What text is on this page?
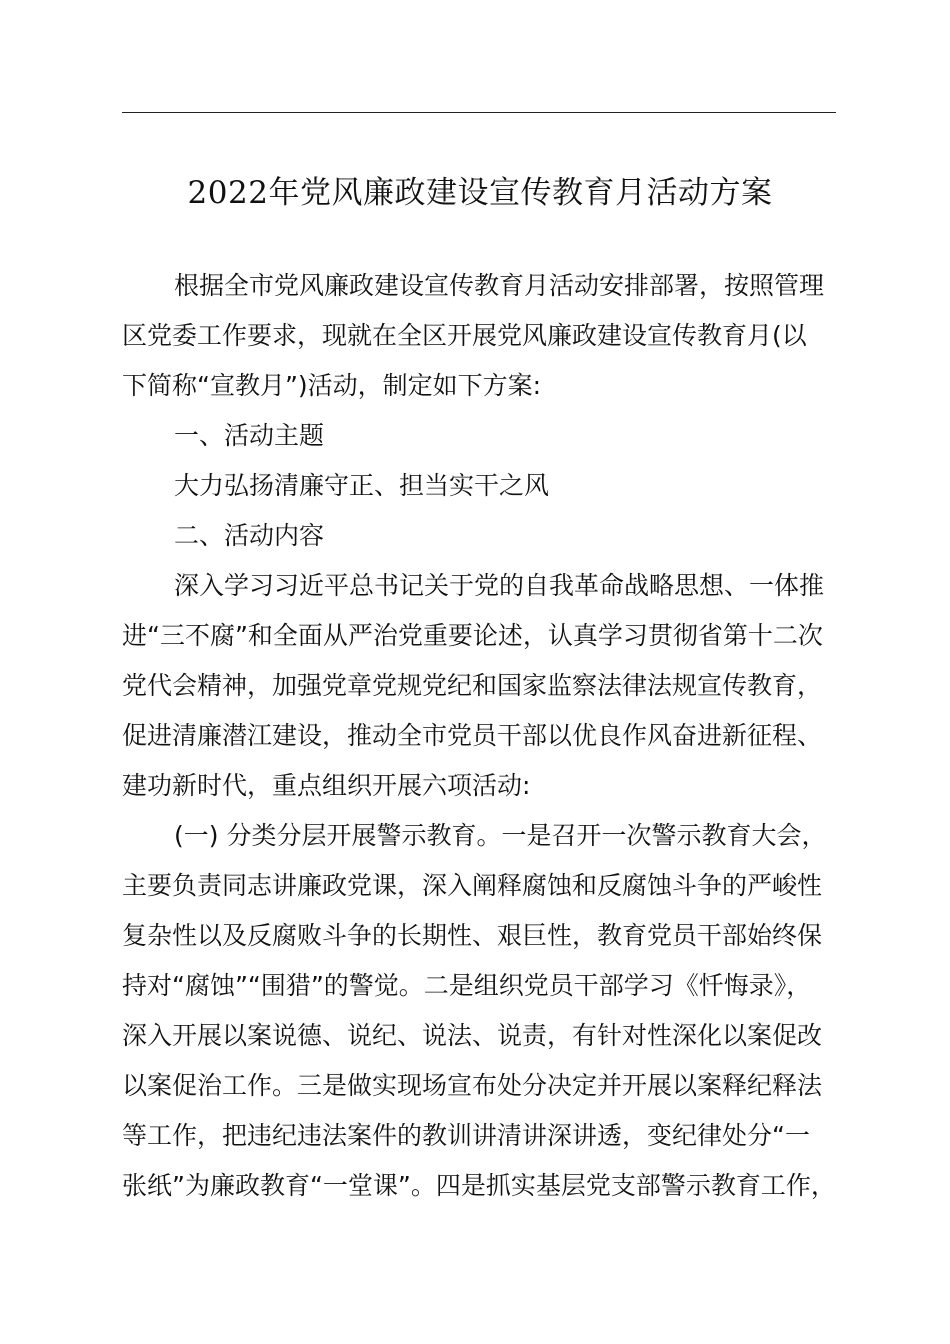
2022年党风廉政建设宣传教育月活动方案
根据全市党风廉政建设宣传教育月活动安排部署，按照管理
区党委工作要求，现就在全区开展党风廉政建设宣传教育月(以
下简称“宣教月”)活动，制定如下方案:
一、活动主题
大力弘扬清廉守正、担当实干之风
二、活动内容
深入学习习近平总书记关于党的自我革命战略思想、一体推
进“三不腐”和全面从严治党重要论述，认真学习贯彻省第十二次
党代会精神，加强党章党规党纪和国家监察法律法规宣传教育，
促进清廉潜江建设，推动全市党员干部以优良作风奋进新征程、
建功新时代，重点组织开展六项活动:
(一) 分类分层开展警示教育。一是召开一次警示教育大会，
主要负责同志讲廉政党课，深入阐释腐蚀和反腐蚀斗争的严峻性
复杂性以及反腐败斗争的长期性、艰巨性，教育党员干部始终保
持对“腐蚀”“围猎”的警觉。二是组织党员干部学习《忏悔录》，
深入开展以案说德、说纪、说法、说责，有针对性深化以案促改
以案促治工作。三是做实现场宣布处分决定并开展以案释纪释法
等工作，把违纪违法案件的教训讲清讲深讲透，变纪律处分“一
张纸”为廉政教育“一堂课”。四是抓实基层党支部警示教育工作，
